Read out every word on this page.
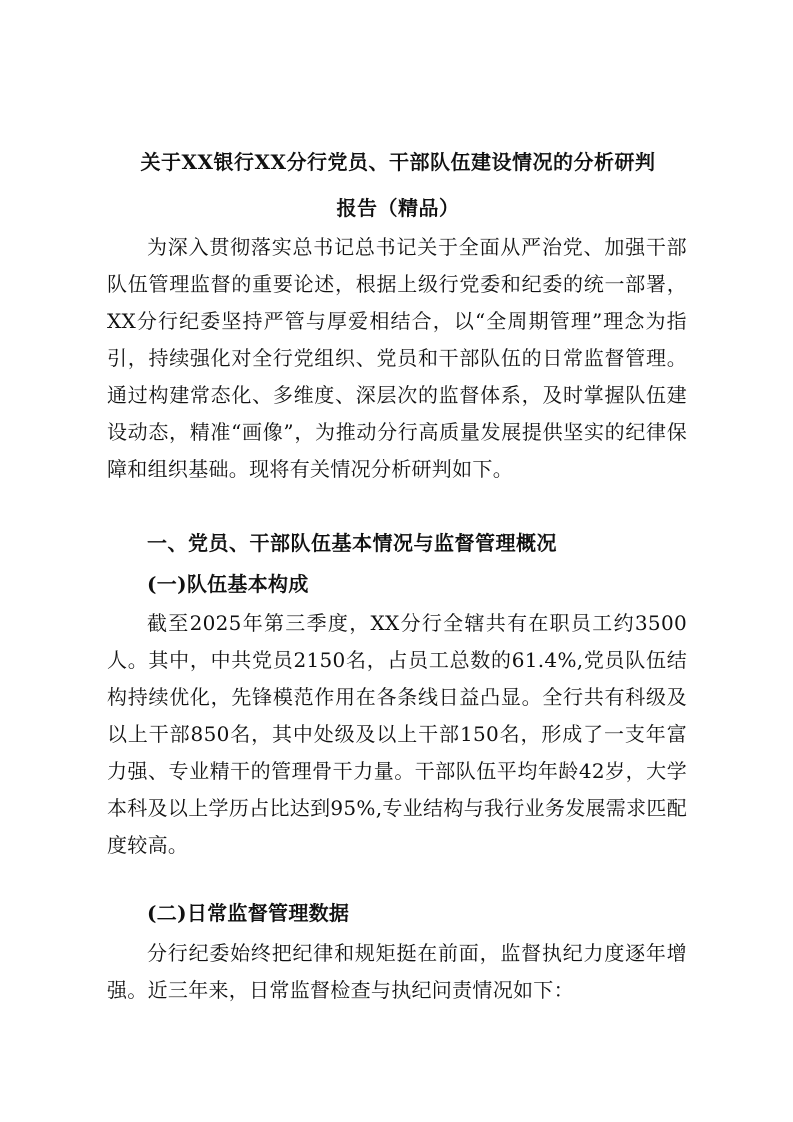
关于XX银行XX分行党员、干部队伍建设情况的分析研判
报告（精品）

为深入贯彻落实总书记总书记关于全面从严治党、加强干部队伍管理监督的重要论述，根据上级行党委和纪委的统一部署，XX分行纪委坚持严管与厚爱相结合，以“全周期管理”理念为指引，持续强化对全行党组织、党员和干部队伍的日常监督管理。通过构建常态化、多维度、深层次的监督体系，及时掌握队伍建设动态，精准“画像”，为推动分行高质量发展提供坚实的纪律保障和组织基础。现将有关情况分析研判如下。

一、党员、干部队伍基本情况与监督管理概况
(一)队伍基本构成

截至2025年第三季度，XX分行全辖共有在职员工约3500人。其中，中共党员2150名，占员工总数的61.4%,党员队伍结构持续优化，先锋模范作用在各条线日益凸显。全行共有科级及以上干部850名，其中处级及以上干部150名，形成了一支年富力强、专业精干的管理骨干力量。干部队伍平均年龄42岁，大学本科及以上学历占比达到95%,专业结构与我行业务发展需求匹配度较高。

(二)日常监督管理数据

分行纪委始终把纪律和规矩挺在前面，监督执纪力度逐年增强。近三年来，日常监督检查与执纪问责情况如下：
